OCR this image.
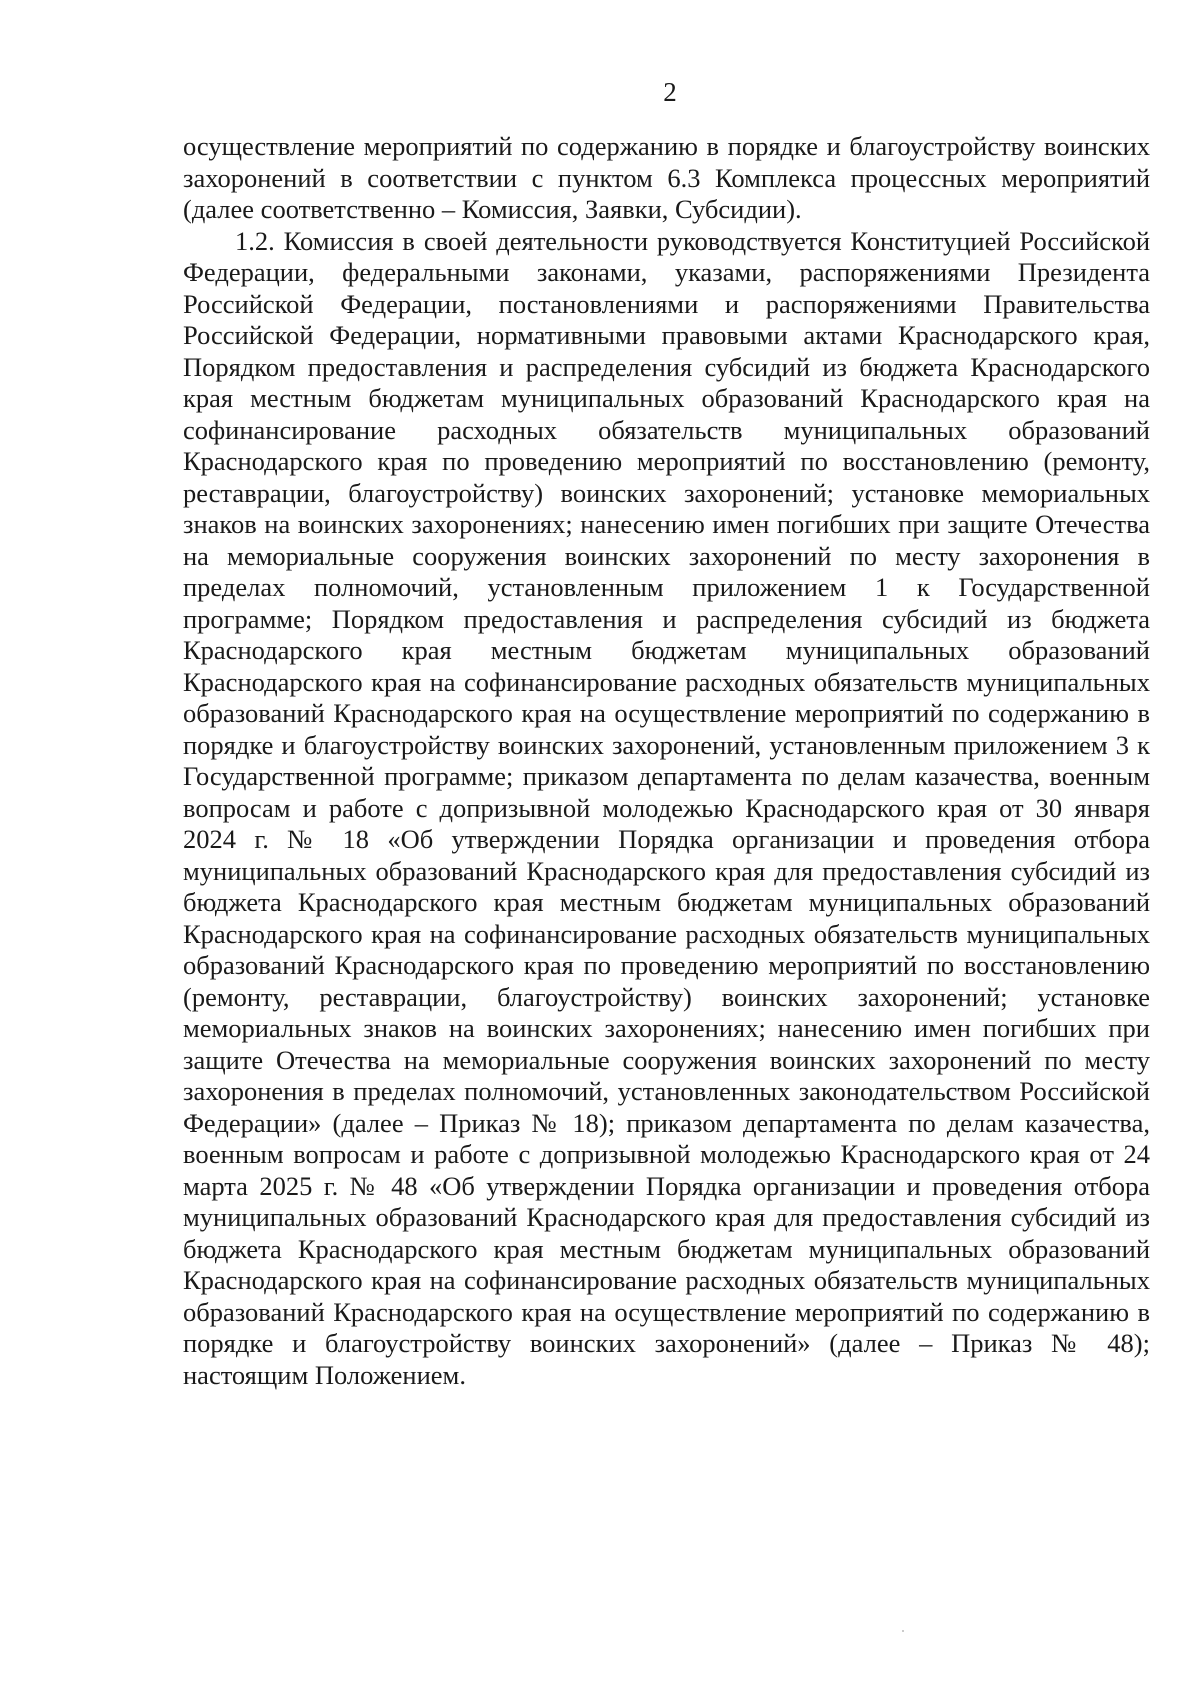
2

осуществление мероприятий по содержанию в порядке и благоустройству воинских захоронений в соответствии с пунктом 6.3 Комплекса процессных мероприятий (далее соответственно – Комиссия, Заявки, Субсидии).

1.2. Комиссия в своей деятельности руководствуется Конституцией Российской Федерации, федеральными законами, указами, распоряжениями Президента Российской Федерации, постановлениями и распоряжениями Правительства Российской Федерации, нормативными правовыми актами Краснодарского края, Порядком предоставления и распределения субсидий из бюджета Краснодарского края местным бюджетам муниципальных образований Краснодарского края на софинансирование расходных обязательств муниципальных образований Краснодарского края по проведению мероприятий по восстановлению (ремонту, реставрации, благоустройству) воинских захоронений; установке мемориальных знаков на воинских захоронениях; нанесению имен погибших при защите Отечества на мемориальные сооружения воинских захоронений по месту захоронения в пределах полномочий, установленным приложением 1 к Государственной программе; Порядком предоставления и распределения субсидий из бюджета Краснодарского края местным бюджетам муниципальных образований Краснодарского края на софинансирование расходных обязательств муниципальных образований Краснодарского края на осуществление мероприятий по содержанию в порядке и благоустройству воинских захоронений, установленным приложением 3 к Государственной программе; приказом департамента по делам казачества, военным вопросам и работе с допризывной молодежью Краснодарского края от 30 января 2024 г. № 18 «Об утверждении Порядка организации и проведения отбора муниципальных образований Краснодарского края для предоставления субсидий из бюджета Краснодарского края местным бюджетам муниципальных образований Краснодарского края на софинансирование расходных обязательств муниципальных образований Краснодарского края по проведению мероприятий по восстановлению (ремонту, реставрации, благоустройству) воинских захоронений; установке мемориальных знаков на воинских захоронениях; нанесению имен погибших при защите Отечества на мемориальные сооружения воинских захоронений по месту захоронения в пределах полномочий, установленных законодательством Российской Федерации» (далее – Приказ № 18); приказом департамента по делам казачества, военным вопросам и работе с допризывной молодежью Краснодарского края от 24 марта 2025 г. № 48 «Об утверждении Порядка организации и проведения отбора муниципальных образований Краснодарского края для предоставления субсидий из бюджета Краснодарского края местным бюджетам муниципальных образований Краснодарского края на софинансирование расходных обязательств муниципальных образований Краснодарского края на осуществление мероприятий по содержанию в порядке и благоустройству воинских захоронений» (далее – Приказ № 48); настоящим Положением.
